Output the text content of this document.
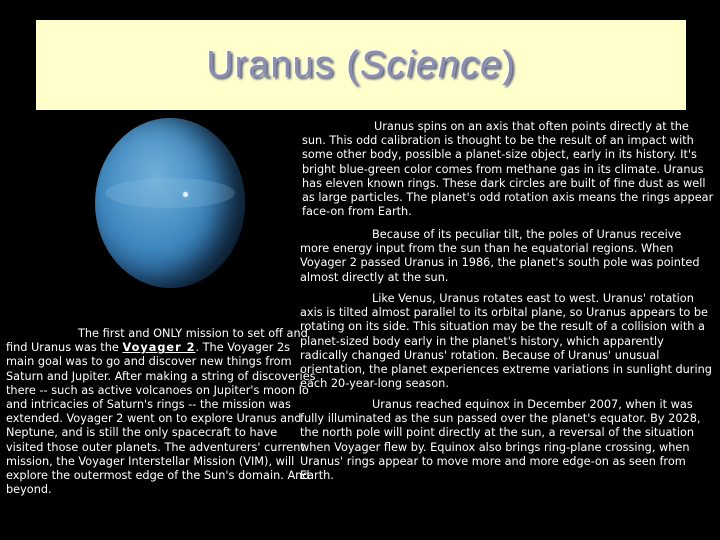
Uranus (Science)

Uranus spins on an axis that often points directly at the sun. This odd calibration is thought to be the result of an impact with some other body, possible a planet-size object, early in its history. It's bright blue-green color comes from methane gas in its climate. Uranus has eleven known rings. These dark circles are built of fine dust as well as large particles. The planet's odd rotation axis means the rings appear face-on from Earth.

Because of its peculiar tilt, the poles of Uranus receive more energy input from the sun than he equatorial regions. When Voyager 2 passed Uranus in 1986, the planet's south pole was pointed almost directly at the sun.

Like Venus, Uranus rotates east to west. Uranus' rotation axis is tilted almost parallel to its orbital plane, so Uranus appears to be rotating on its side. This situation may be the result of a collision with a planet-sized body early in the planet's history, which apparently radically changed Uranus' rotation. Because of Uranus' unusual orientation, the planet experiences extreme variations in sunlight during each 20-year-long season.

Uranus reached equinox in December 2007, when it was fully illuminated as the sun passed over the planet's equator. By 2028, the north pole will point directly at the sun, a reversal of the situation when Voyager flew by. Equinox also brings ring-plane crossing, when Uranus' rings appear to move more and more edge-on as seen from Earth.

The first and ONLY mission to set off and find Uranus was the Voyager 2. The Voyager 2s main goal was to go and discover new things from Saturn and Jupiter. After making a string of discoveries there -- such as active volcanoes on Jupiter's moon Io and intricacies of Saturn's rings -- the mission was extended. Voyager 2 went on to explore Uranus and Neptune, and is still the only spacecraft to have visited those outer planets. The adventurers' current mission, the Voyager Interstellar Mission (VIM), will explore the outermost edge of the Sun's domain. And beyond.
